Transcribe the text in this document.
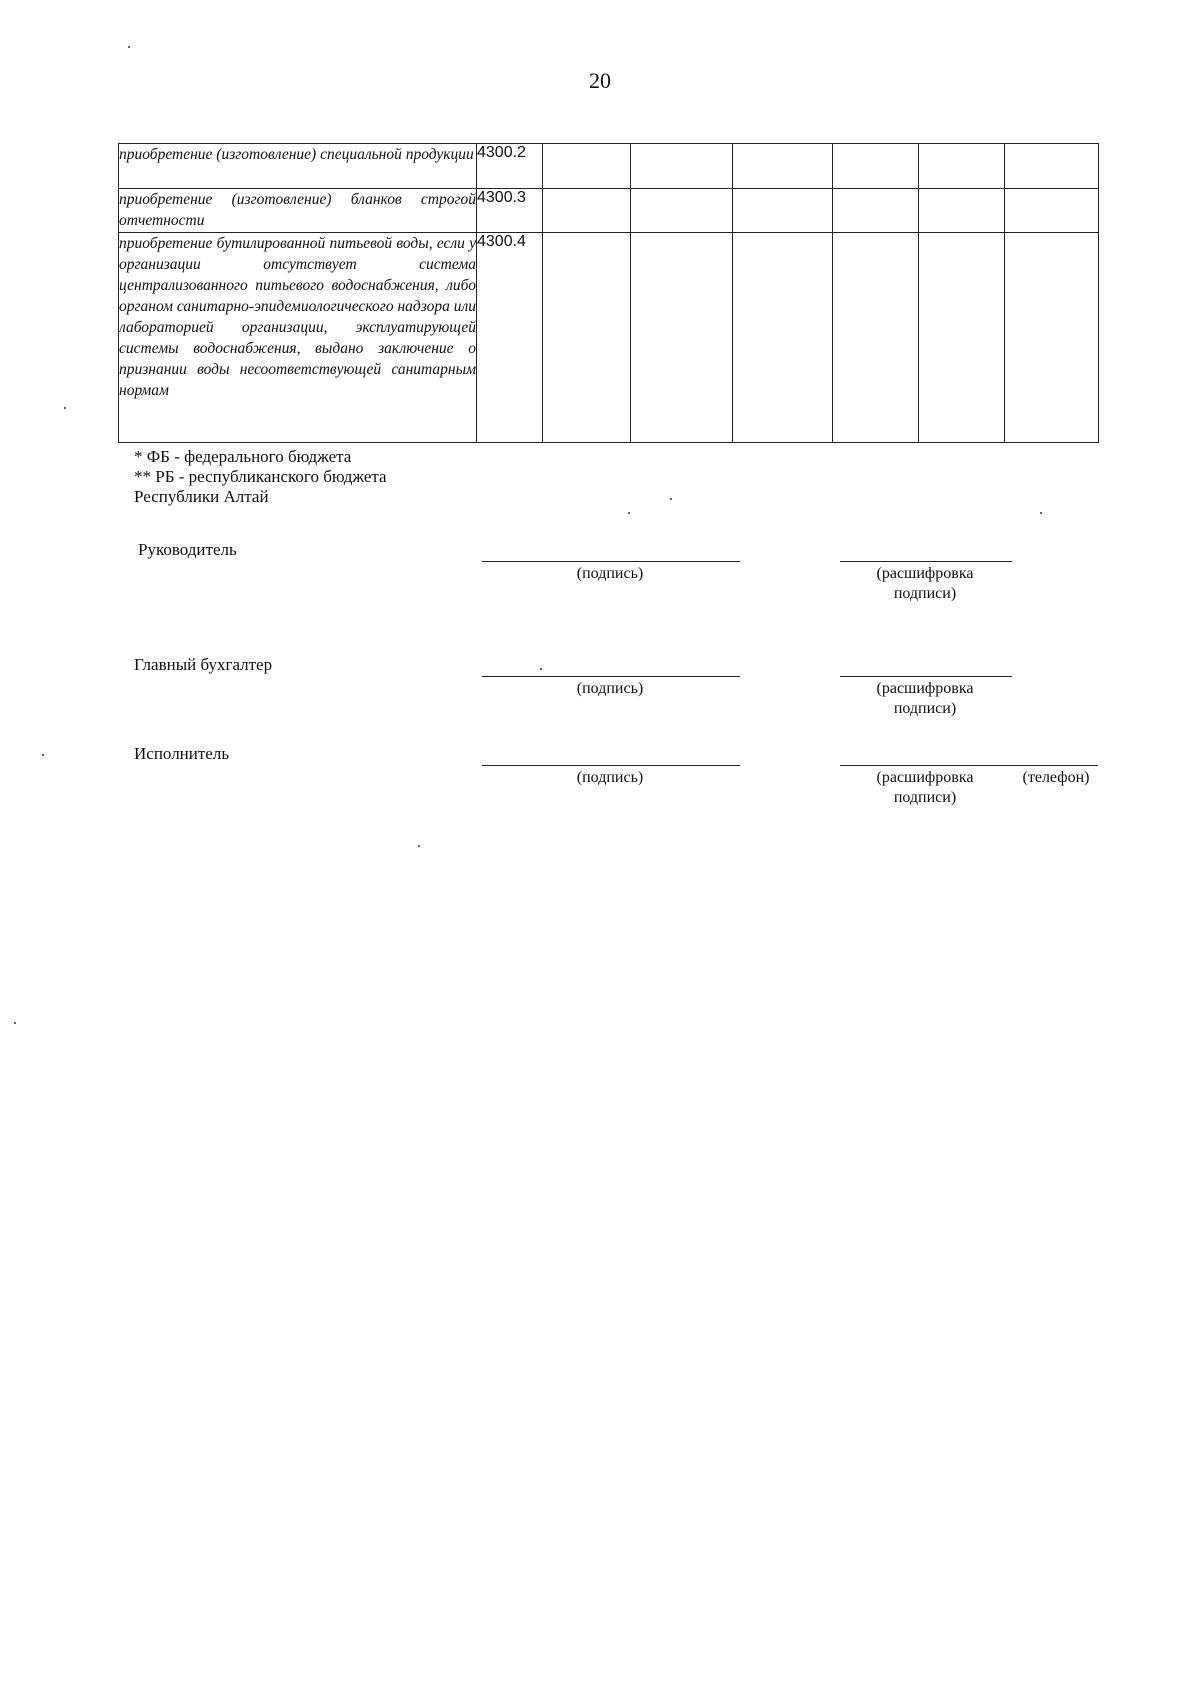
20
приобретение (изготовление) специальной продукции	4300.2						
приобретение (изготовление) бланков строгой отчетности	4300.3						
приобретение бутилированной питьевой воды, если у организации отсутствует система централизованного питьевого водоснабжения, либо органом санитарно-эпидемиологического надзора или лабораторией организации, эксплуатирующей системы водоснабжения, выдано заключение о признании воды несоответствующей санитарным нормам	4300.4						
* ФБ - федерального бюджета
** РБ - республиканского бюджета
Республики Алтай
Руководитель
(подпись)	(расшифровка
подписи)
Главный бухгалтер
(подпись)	(расшифровка
подписи)
Исполнитель
(подпись)	(расшифровка
подписи)
(телефон)
